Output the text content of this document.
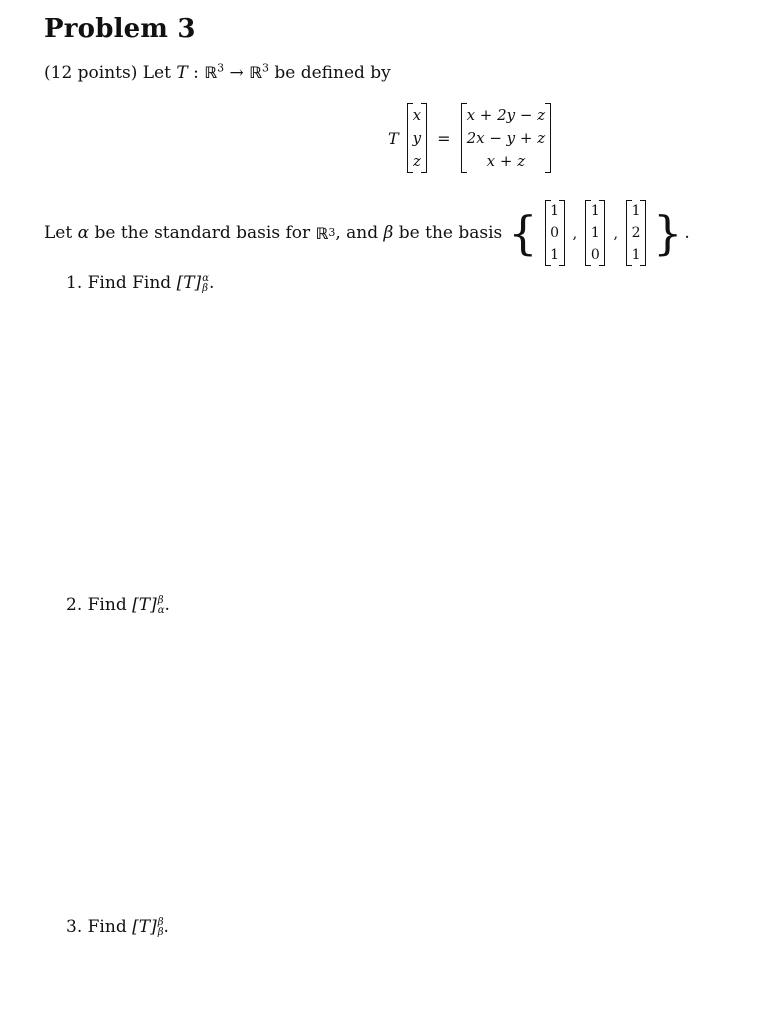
Problem 3
(12 points) Let T : ℝ$^3$ → ℝ$^3$ be defined by
T
x
y
z
=
x + 2y − z
2x − y + z
x + z
Let
α
be the standard basis for
ℝ 3 , and
β
be the basis { 1
0
1
,
1
1
0
,
1
2
1 } .
1. Find Find [T] α
β .
2. Find [T] β
α .
3. Find [T] β
β .
